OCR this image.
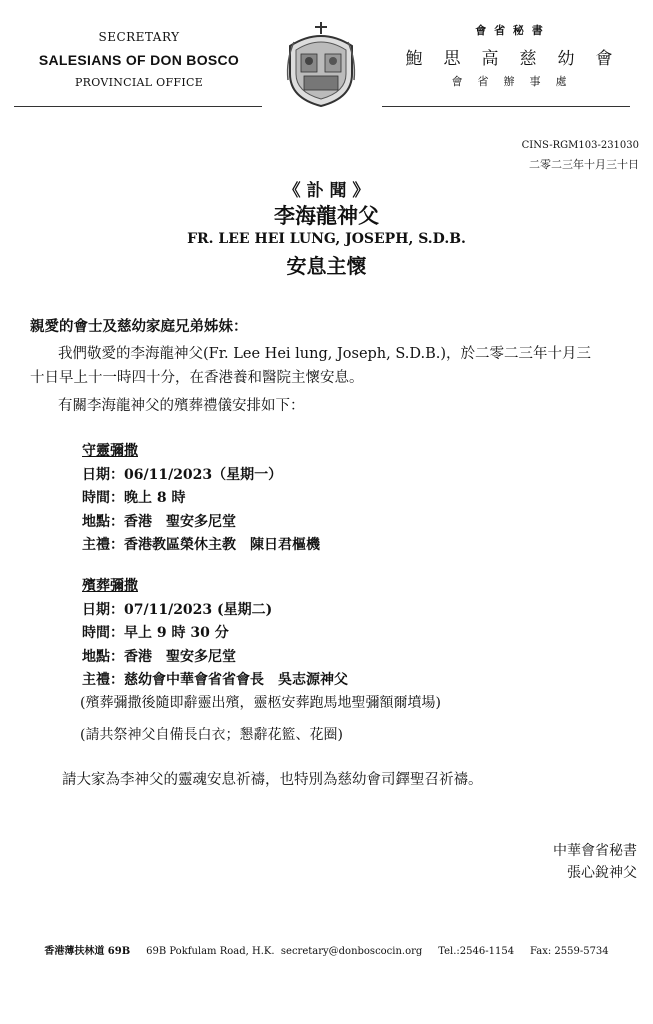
SECRETARY
SALESIANS OF DON BOSCO
PROVINCIAL OFFICE
會 省 秘 書
鮑　思　高　慈　幼　會
會　省　辦　事　處
CINS-RGM103-231030
二零二三年十月三十日
《 訃 聞 》
李海龍神父
FR. LEE HEI LUNG, JOSEPH, S.D.B.
安息主懷
親愛的會士及慈幼家庭兄弟姊妹：
我們敬愛的李海龍神父(Fr. Lee Hei lung, Joseph, S.D.B.)，於二零二三年十月三
十日早上十一時四十分，在香港養和醫院主懷安息。
有關李海龍神父的殯葬禮儀安排如下：
守靈彌撒
日期：06/11/2023（星期一）
時間：晚上 8 時
地點：香港　聖安多尼堂
主禮：香港教區榮休主教　陳日君樞機
殯葬彌撒
日期：07/11/2023 (星期二)
時間：早上 9 時 30 分
地點：香港　聖安多尼堂
主禮：慈幼會中華會省省會長　吳志源神父
(殯葬彌撒後隨即辭靈出殯，靈柩安葬跑馬地聖彌額爾墳場)
(請共祭神父自備長白衣；懇辭花籃、花圈)
請大家為李神父的靈魂安息祈禱，也特別為慈幼會司鐸聖召祈禱。
中華會省秘書
張心銳神父
香港薄扶林道 69B 69B Pokfulam Road, H.K. secretary@donboscocin.org Tel.:2546-1154 Fax: 2559-5734
